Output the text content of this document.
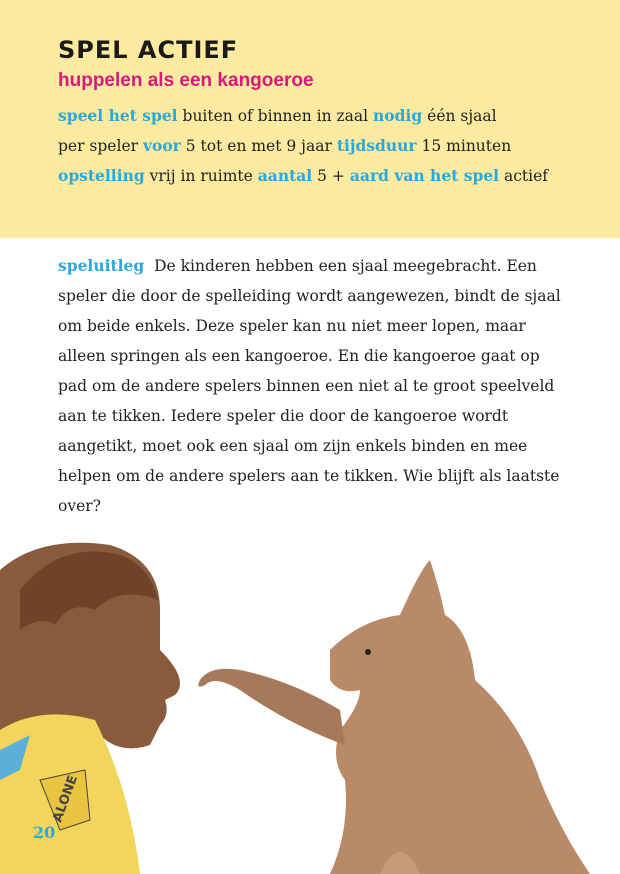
SPEL ACTIEF
huppelen als een kangoeroe
speel het spel buiten of binnen in zaal nodig één sjaal
per speler voor 5 tot en met 9 jaar tijdsduur 15 minuten
opstelling vrij in ruimte aantal 5 + aard van het spel actief
speluitleg De kinderen hebben een sjaal meegebracht. Een speler die door de spelleiding wordt aangewezen, bindt de sjaal om beide enkels. Deze speler kan nu niet meer lopen, maar alleen springen als een kangoeroe. En die kangoeroe gaat op pad om de andere spelers binnen een niet al te groot speelveld aan te tikken. Iedere speler die door de kangoeroe wordt aangetikt, moet ook een sjaal om zijn enkels binden en mee helpen om de andere spelers aan te tikken. Wie blijft als laatste over?
ALONE
20
